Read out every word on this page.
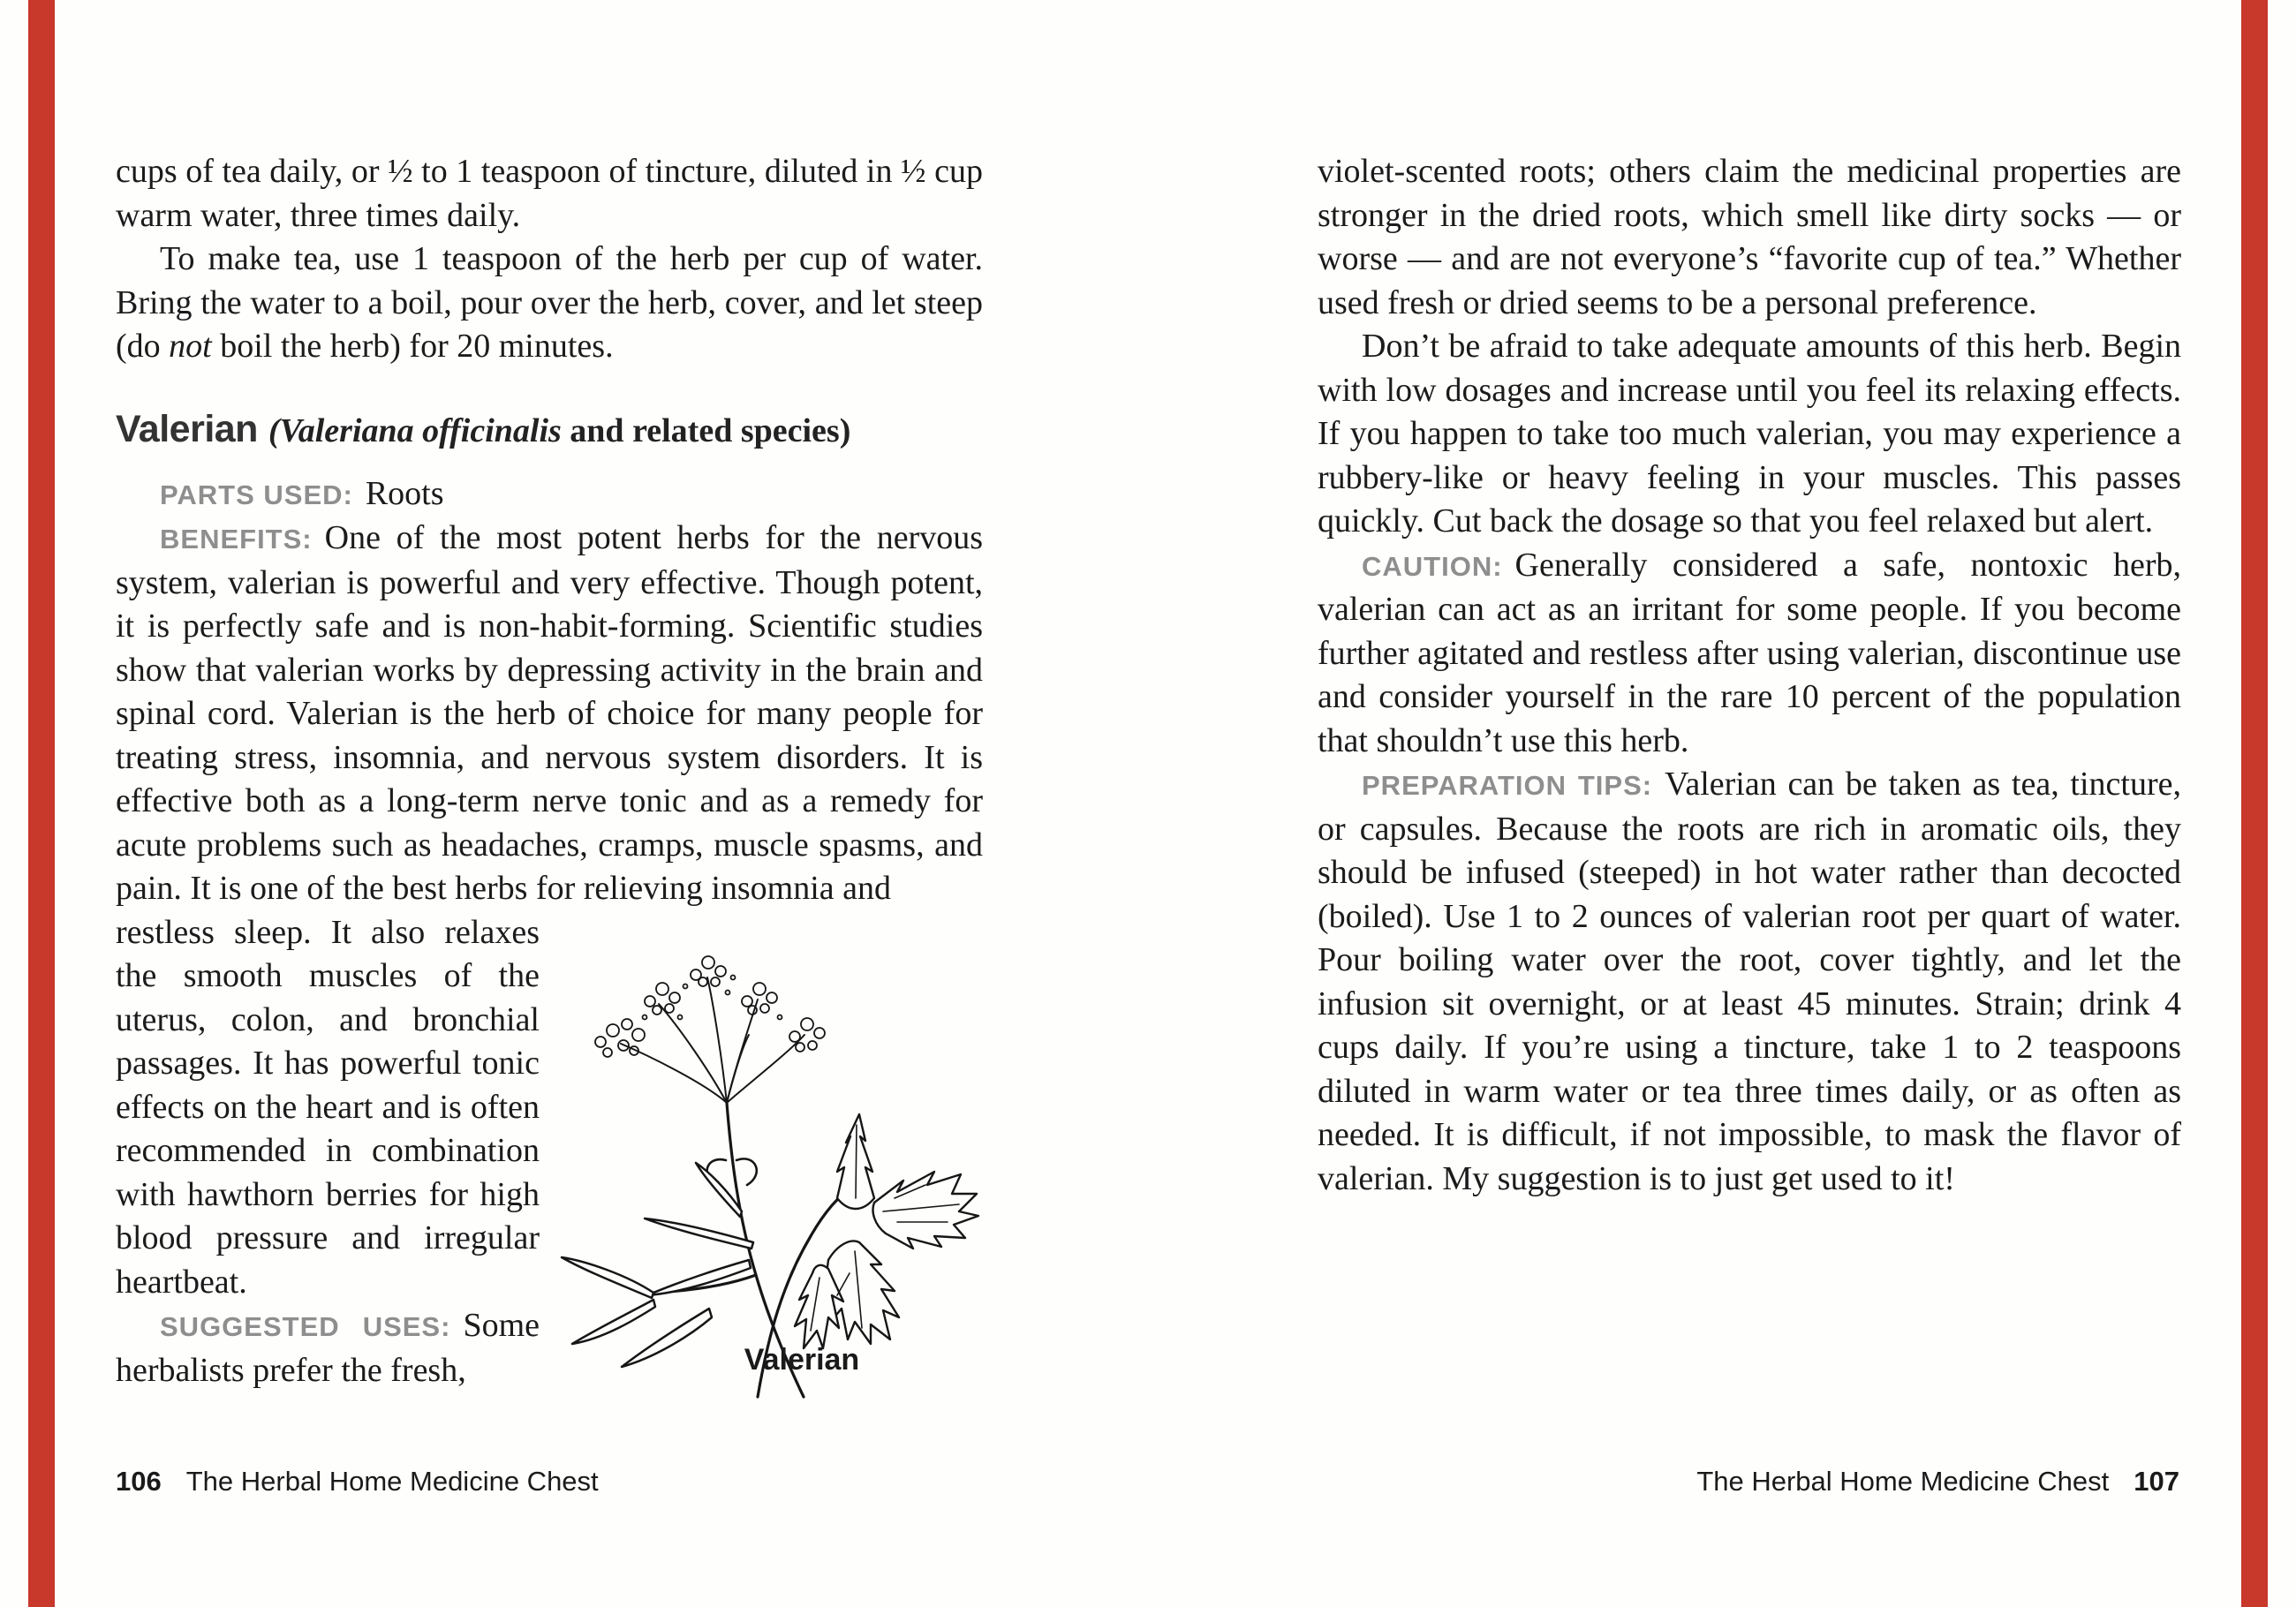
cups of tea daily, or ½ to 1 teaspoon of tincture, diluted in ½ cup warm water, three times daily.

To make tea, use 1 teaspoon of the herb per cup of water. Bring the water to a boil, pour over the herb, cover, and let steep (do not boil the herb) for 20 minutes.

Valerian (Valeriana officinalis and related species)

PARTS USED: Roots

BENEFITS: One of the most potent herbs for the nervous system, valerian is powerful and very effective. Though potent, it is perfectly safe and is non-habit-forming. Scientific studies show that valerian works by depressing activity in the brain and spinal cord. Valerian is the herb of choice for many people for treating stress, insomnia, and nervous system disorders. It is effective both as a long-term nerve tonic and as a remedy for acute problems such as headaches, cramps, muscle spasms, and pain. It is one of the best herbs for relieving insomnia and

restless sleep. It also relaxes the smooth muscles of the uterus, colon, and bronchial passages. It has powerful tonic effects on the heart and is often recommended in combination with hawthorn berries for high blood pressure and irregular heartbeat.

SUGGESTED USES: Some herbalists prefer the fresh,	Valerian

violet-scented roots; others claim the medicinal properties are stronger in the dried roots, which smell like dirty socks — or worse — and are not everyone’s “favorite cup of tea.” Whether used fresh or dried seems to be a personal preference.

Don’t be afraid to take adequate amounts of this herb. Begin with low dosages and increase until you feel its relaxing effects. If you happen to take too much valerian, you may experience a rubbery-like or heavy feeling in your muscles. This passes quickly. Cut back the dosage so that you feel relaxed but alert.

CAUTION: Generally considered a safe, nontoxic herb, valerian can act as an irritant for some people. If you become further agitated and restless after using valerian, discontinue use and consider yourself in the rare 10 percent of the population that shouldn’t use this herb.

PREPARATION TIPS: Valerian can be taken as tea, tincture, or capsules. Because the roots are rich in aromatic oils, they should be infused (steeped) in hot water rather than decocted (boiled). Use 1 to 2 ounces of valerian root per quart of water. Pour boiling water over the root, cover tightly, and let the infusion sit overnight, or at least 45 minutes. Strain; drink 4 cups daily. If you’re using a tincture, take 1 to 2 teaspoons diluted in warm water or tea three times daily, or as often as needed. It is difficult, if not impossible, to mask the flavor of valerian. My suggestion is to just get used to it!

106 The Herbal Home Medicine Chest	The Herbal Home Medicine Chest 107
